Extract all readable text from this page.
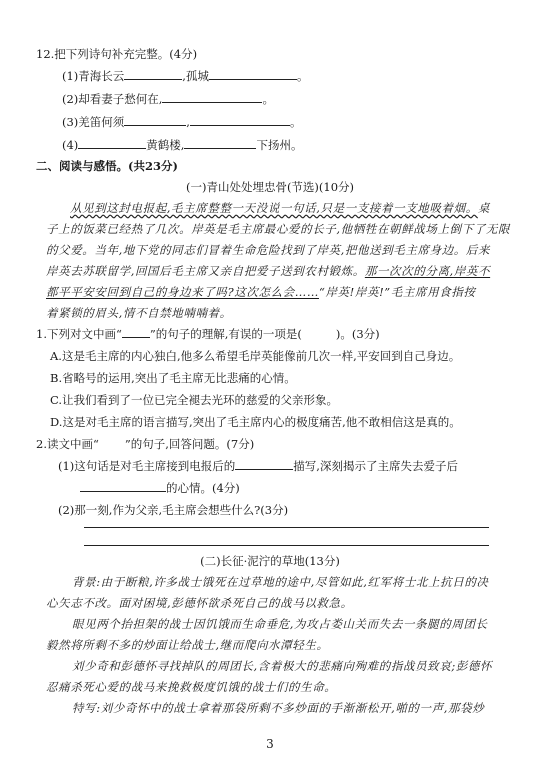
12.把下列诗句补充完整。(4分)
(1)青海长云	,孤城	。
(2)却看妻子愁何在,	。
(3)羌笛何须	,	。
(4)	黄鹤楼,	下扬州。
二、阅读与感悟。(共23分)
(一)青山处处埋忠骨(节选)(10分)
从见到这封电报起,毛主席整整一天没说一句话,只是一支接着一支地吸着烟。桌
子上的饭菜已经热了几次。岸英是毛主席最心爱的长子,他牺牲在朝鲜战场上倒下了无限
的父爱。当年,地下党的同志们冒着生命危险找到了岸英,把他送到毛主席身边。后来
岸英去苏联留学,回国后毛主席又亲自把爱子送到农村锻炼。那一次次的分离,岸英不
都平平安安回到自己的身边来了吗?这次怎么会……“岸英!岸英!”毛主席用食指按
着紧锁的眉头,情不自禁地喃喃着。
1.下列对文中画“ ”的句子的理解,有误的一项是(	)。(3分)
A.这是毛主席的内心独白,他多么希望毛岸英能像前几次一样,平安回到自己身边。
B.省略号的运用,突出了毛主席无比悲痛的心情。
C.让我们看到了一位已完全褪去光环的慈爱的父亲形象。
D.这是对毛主席的语言描写,突出了毛主席内心的极度痛苦,他不敢相信这是真的。
2.读文中画“ ”的句子,回答问题。(7分)
(1)这句话是对毛主席接到电报后的	描写,深刻揭示了主席失去爱子后
的心情。(4分)
(2)那一刻,作为父亲,毛主席会想些什么?(3分)
(二)长征·泥泞的草地(13分)
背景:由于断粮,许多战士饿死在过草地的途中,尽管如此,红军将士北上抗日的决
心矢志不改。面对困境,彭德怀欲杀死自己的战马以救急。
眼见两个抬担架的战士因饥饿而生命垂危,为攻占娄山关而失去一条腿的周团长
毅然将所剩不多的炒面让给战士,继而爬向水潭轻生。
刘少奇和彭德怀寻找掉队的周团长,含着极大的悲痛向殉难的指战员致哀;彭德怀
忍痛杀死心爱的战马来挽救极度饥饿的战士们的生命。
特写:刘少奇怀中的战士拿着那袋所剩不多炒面的手渐渐松开,啪的一声,那袋炒
3
